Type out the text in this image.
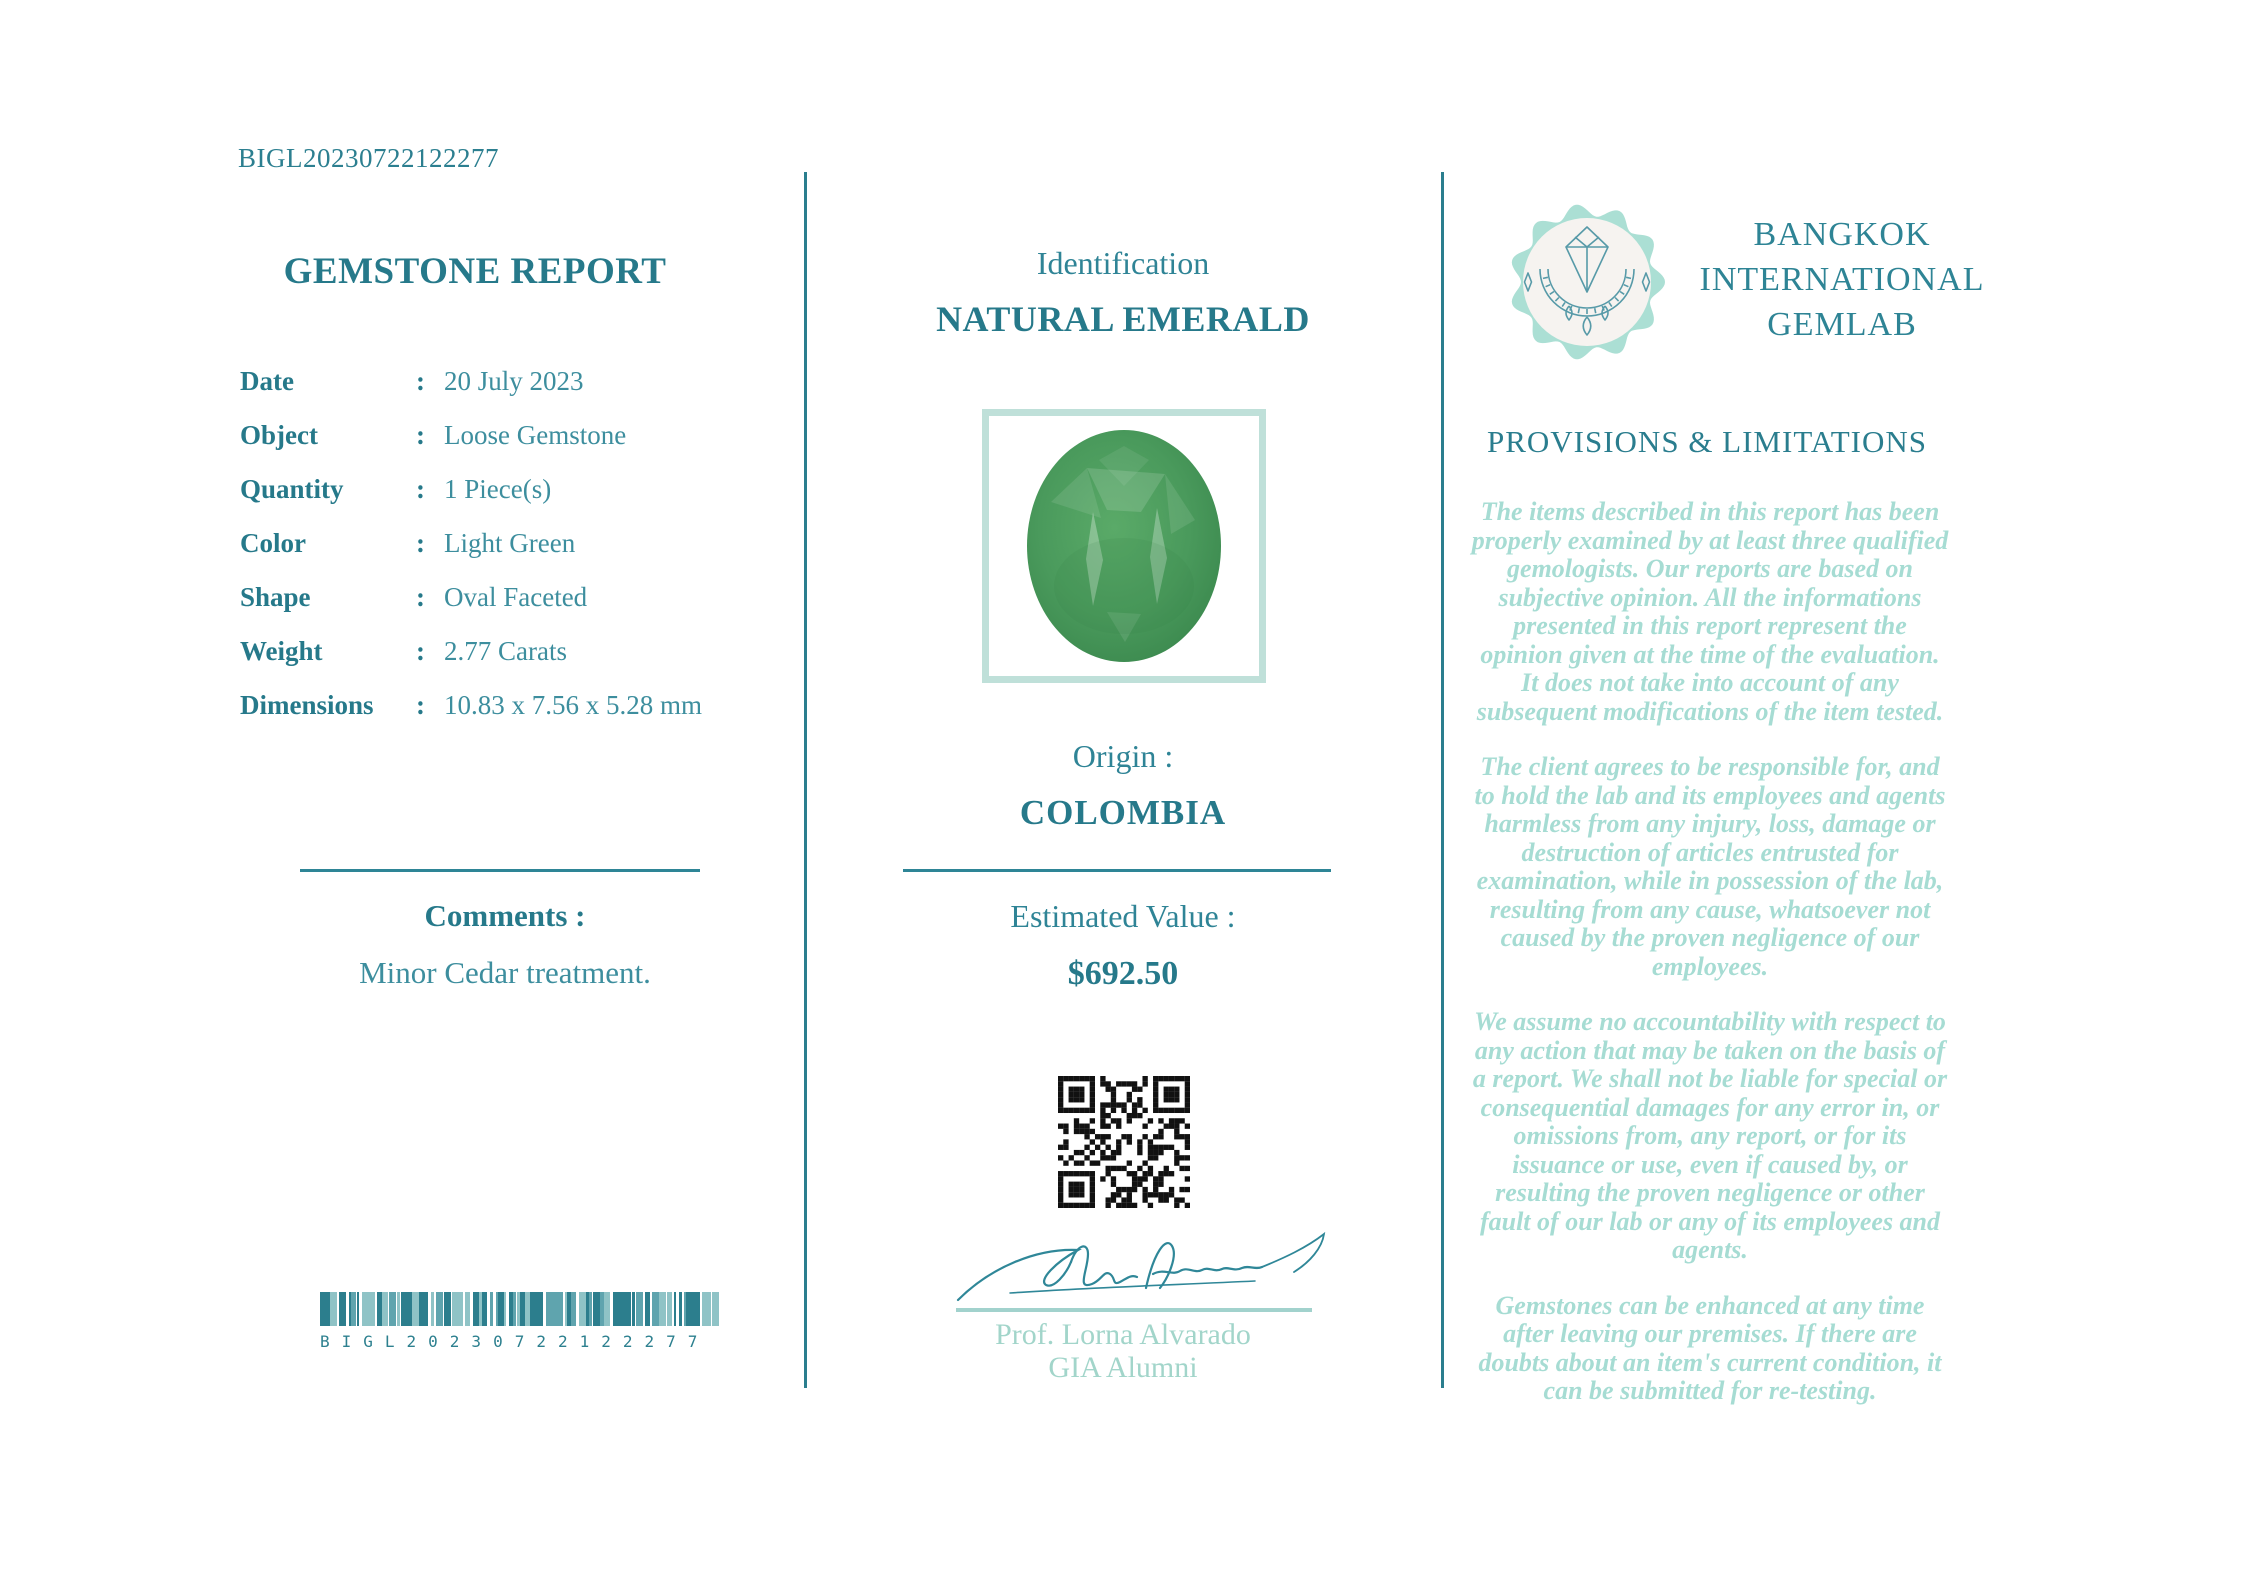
BIGL20230722122277
GEMSTONE REPORT
Date	: 20 July 2023
Object	: Loose Gemstone
Quantity	: 1 Piece(s)
Color	: Light Green
Shape	: Oval Faceted
Weight	: 2.77 Carats
Dimensions	: 10.83 x 7.56 x 5.28 mm
Comments :
Minor Cedar treatment.
BIGL20230722122277
Identification
NATURAL EMERALD
Origin :
COLOMBIA
Estimated Value :
$692.50
Prof. Lorna Alvarado
GIA Alumni
BANGKOK
INTERNATIONAL
GEMLAB
PROVISIONS & LIMITATIONS

The items described in this report has been properly examined by at least three qualified gemologists. Our reports are based on subjective opinion. All the informations presented in this report represent the opinion given at the time of the evaluation. It does not take into account of any subsequent modifications of the item tested.

The client agrees to be responsible for, and to hold the lab and its employees and agents harmless from any injury, loss, damage or destruction of articles entrusted for examination, while in possession of the lab, resulting from any cause, whatsoever not caused by the proven negligence of our employees.

We assume no accountability with respect to any action that may be taken on the basis of a report. We shall not be liable for special or consequential damages for any error in, or omissions from, any report, or for its issuance or use, even if caused by, or resulting the proven negligence or other fault of our lab or any of its employees and agents.

Gemstones can be enhanced at any time after leaving our premises. If there are doubts about an item's current condition, it can be submitted for re-testing.
